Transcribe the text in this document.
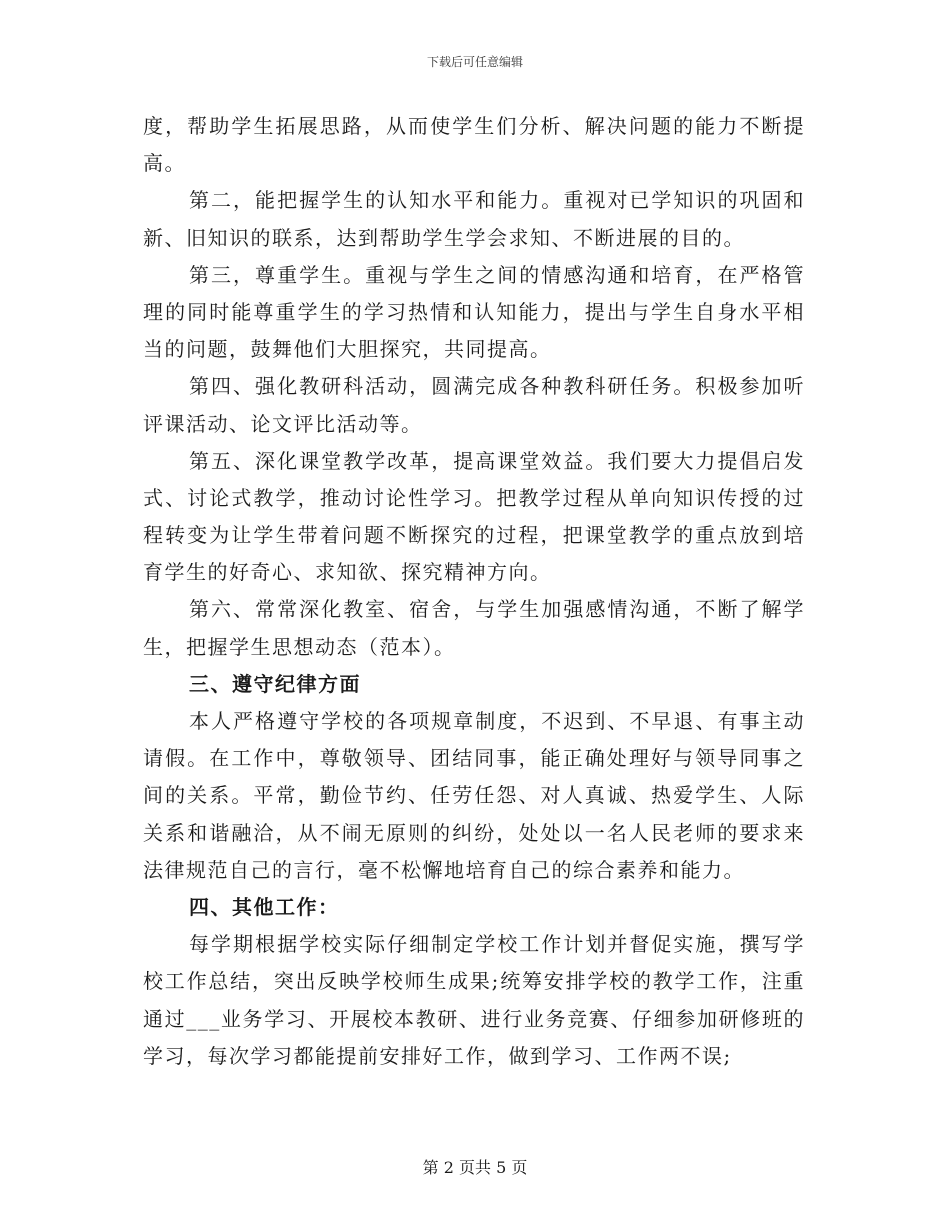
下载后可任意编辑
度，帮助学生拓展思路，从而使学生们分析、解决问题的能力不断提
高。
第二，能把握学生的认知水平和能力。重视对已学知识的巩固和
新、旧知识的联系，达到帮助学生学会求知、不断进展的目的。
第三，尊重学生。重视与学生之间的情感沟通和培育，在严格管
理的同时能尊重学生的学习热情和认知能力，提出与学生自身水平相
当的问题，鼓舞他们大胆探究，共同提高。
第四、强化教研科活动，圆满完成各种教科研任务。积极参加听
评课活动、论文评比活动等。
第五、深化课堂教学改革，提高课堂效益。我们要大力提倡启发
式、讨论式教学，推动讨论性学习。把教学过程从单向知识传授的过
程转变为让学生带着问题不断探究的过程，把课堂教学的重点放到培
育学生的好奇心、求知欲、探究精神方向。
第六、常常深化教室、宿舍，与学生加强感情沟通，不断了解学
生，把握学生思想动态（范本）。
三、遵守纪律方面
本人严格遵守学校的各项规章制度，不迟到、不早退、有事主动
请假。在工作中，尊敬领导、团结同事，能正确处理好与领导同事之
间的关系。平常，勤俭节约、任劳任怨、对人真诚、热爱学生、人际
关系和谐融洽，从不闹无原则的纠纷，处处以一名人民老师的要求来
法律规范自己的言行，毫不松懈地培育自己的综合素养和能力。
四、其他工作：
每学期根据学校实际仔细制定学校工作计划并督促实施，撰写学
校工作总结，突出反映学校师生成果;统筹安排学校的教学工作，注重
通过___业务学习、开展校本教研、进行业务竞赛、仔细参加研修班的
学习，每次学习都能提前安排好工作，做到学习、工作两不误;
第 2 页共 5 页
